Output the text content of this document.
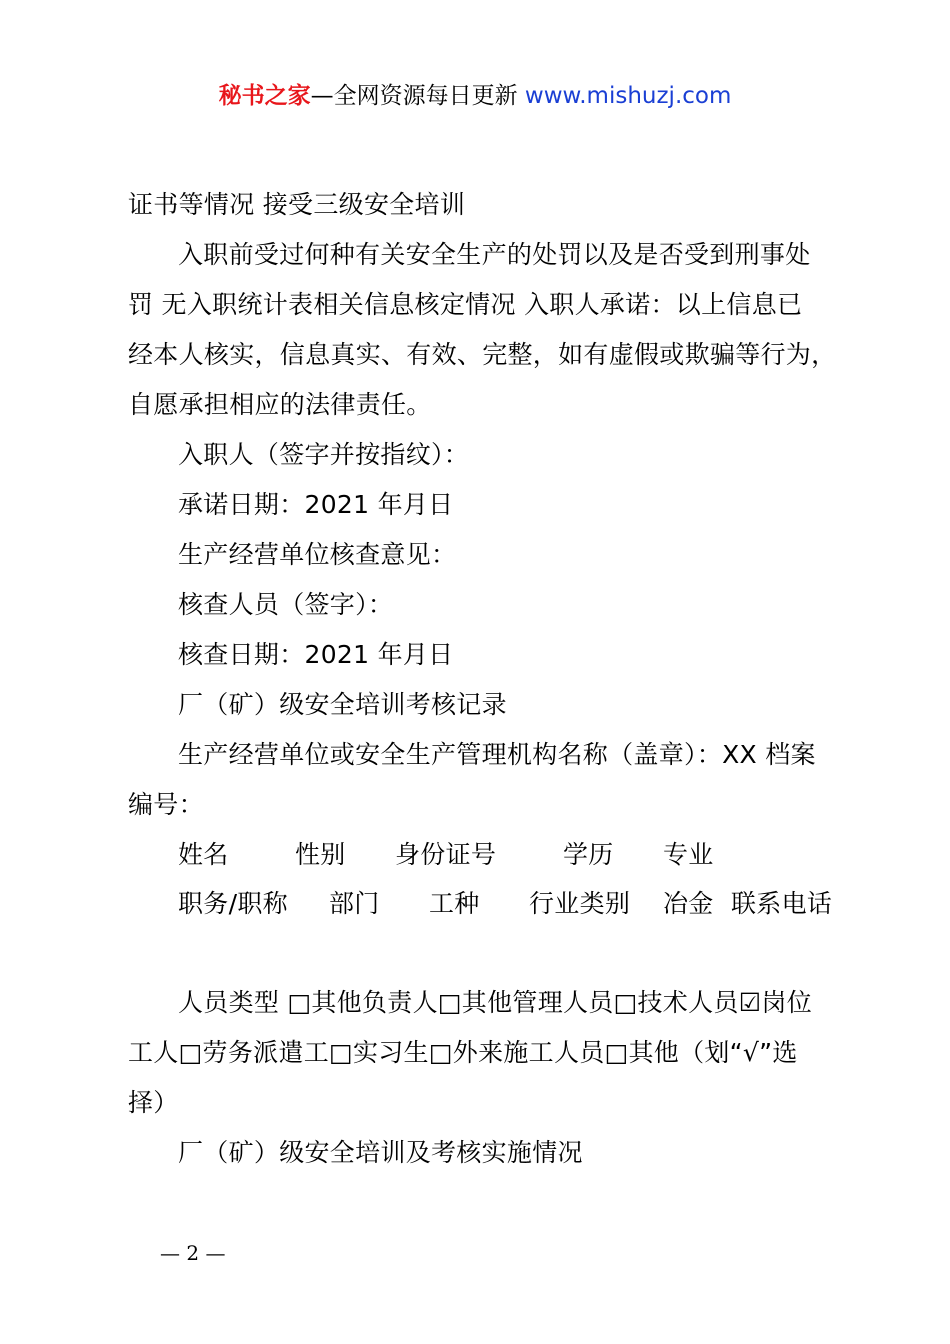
秘书之家—全网资源每日更新 www.mishuzj.com
证书等情况 接受三级安全培训
入职前受过何种有关安全生产的处罚以及是否受到刑事处
罚 无入职统计表相关信息核定情况 入职人承诺：以上信息已
经本人核实，信息真实、有效、完整，如有虚假或欺骗等行为，
自愿承担相应的法律责任。
入职人（签字并按指纹）：
承诺日期：2021 年月日
生产经营单位核查意见：
核查人员（签字）：
核查日期：2021 年月日
厂（矿）级安全培训考核记录
生产经营单位或安全生产管理机构名称（盖章）：XX 档案
编号：
姓名	性别 身份证号	学历 专业
职务/职称 部门 工种 行业类别 冶金 联系电话
人员类型 □其他负责人□其他管理人员□技术人员☑岗位
工人□劳务派遣工□实习生□外来施工人员□其他（划“√”选
择）
厂（矿）级安全培训及考核实施情况
— 2 —
